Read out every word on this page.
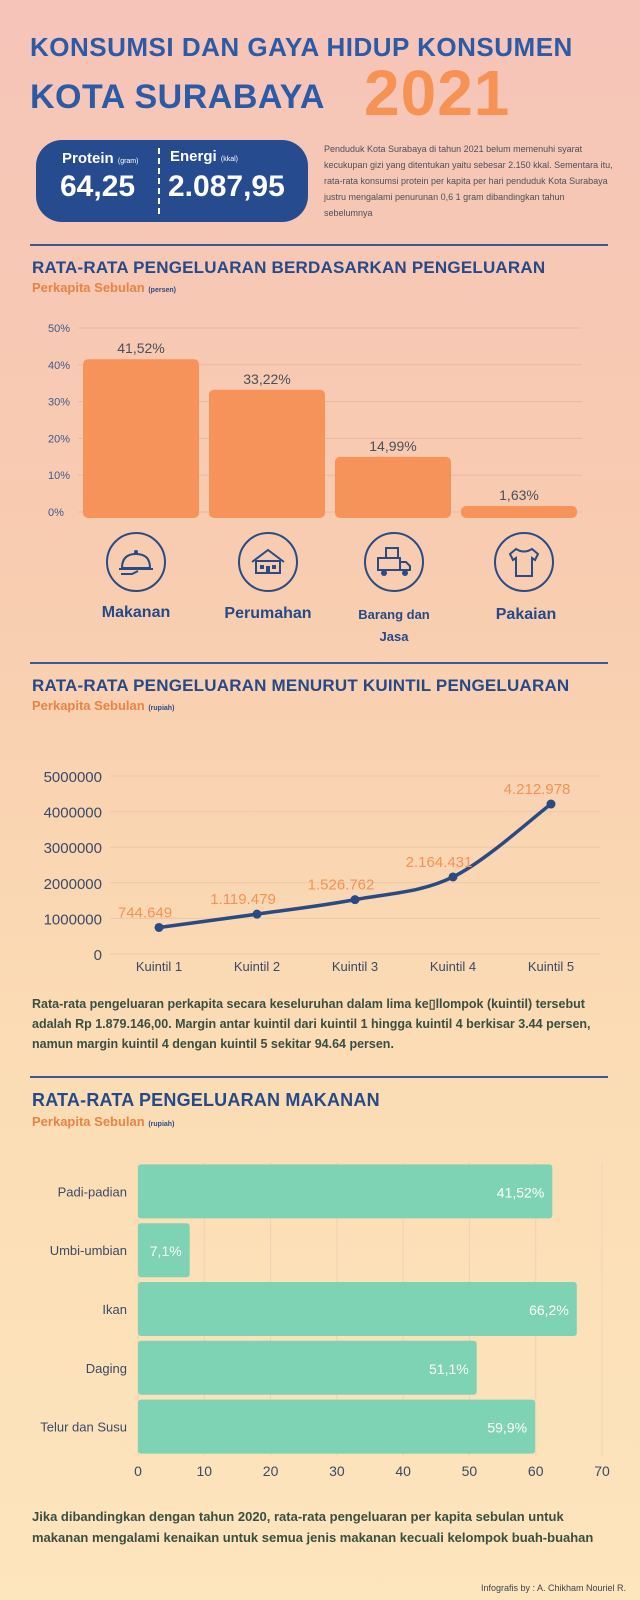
KONSUMSI DAN GAYA HIDUP KONSUMEN
KOTA SURABAYA 2021
Protein (gram)
64,25
Energi (kkal)
2.087,95
Penduduk Kota Surabaya di tahun 2021 belum memenuhi syarat kecukupan gizi yang ditentukan yaitu sebesar 2.150 kkal. Sementara itu, rata-rata konsumsi protein per kapita per hari penduduk Kota Surabaya justru mengalami penurunan 0,6 1 gram dibandingkan tahun sebelumnya
RATA-RATA PENGELUARAN BERDASARKAN PENGELUARAN
Perkapita Sebulan (persen)
0%
10%
20%
30%
40%
50%
41,52%
33,22%
14,99%
1,63%
Makanan	Perumahan	Barang dan Jasa
Pakaian
RATA-RATA PENGELUARAN MENURUT KUINTIL PENGELUARAN
Perkapita Sebulan (rupiah)
0
1000000
2000000
3000000
4000000
5000000
Kuintil 1	Kuintil 2	Kuintil 3	Kuintil 4	Kuintil 5
744.649
1.119.479
1.526.762
2.164.431
4.212.978
Rata-rata pengeluaran perkapita secara keseluruhan dalam lima ke▯llompok (kuintil) tersebut adalah Rp 1.879.146,00. Margin antar kuintil dari kuintil 1 hingga kuintil 4 berkisar 3.44 persen, namun margin kuintil 4 dengan kuintil 5 sekitar 94.64 persen.
RATA-RATA PENGELUARAN MAKANAN
Perkapita Sebulan (rupiah)
Padi-padian
Umbi-umbian
Ikan
Daging
Telur dan Susu
41,52%
7,1%
66,2%
51,1%
59,9%
0	10	20	30	40	50	60	70
Jika dibandingkan dengan tahun 2020, rata-rata pengeluaran per kapita sebulan untuk makanan mengalami kenaikan untuk semua jenis makanan kecuali kelompok buah-buahan
Infografis by : A. Chikham Nouriel R.
